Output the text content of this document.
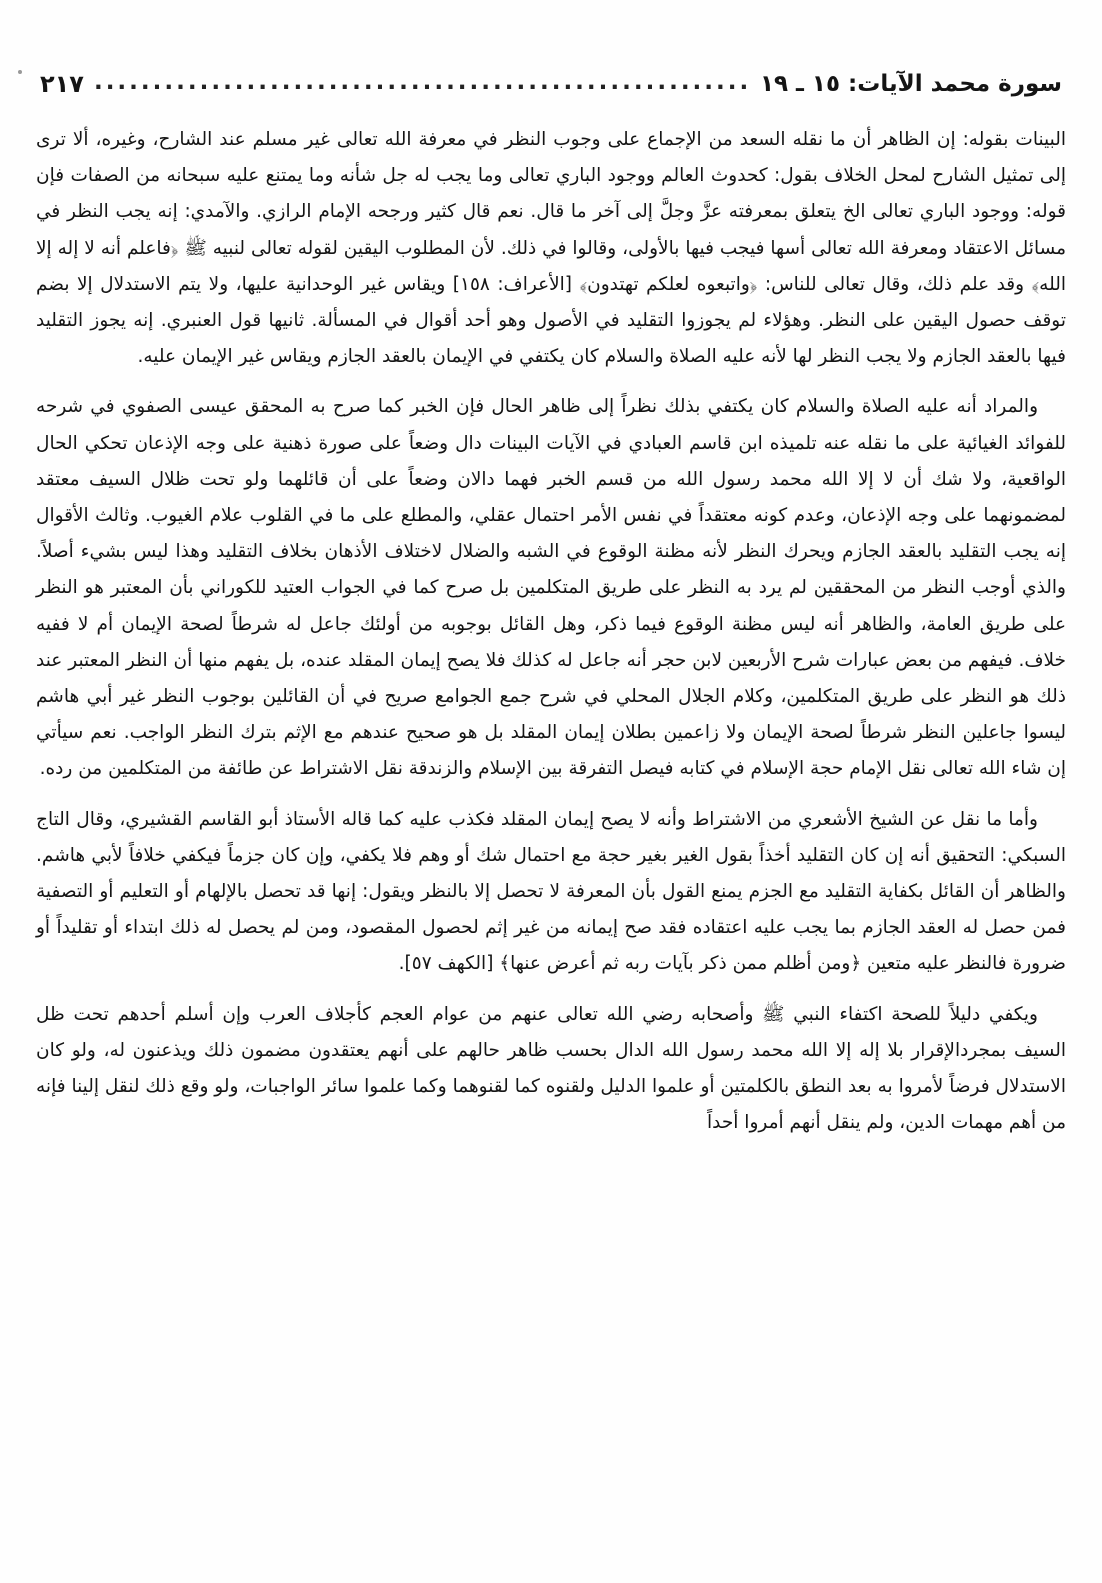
سورة محمد الآيات: ١٥ ـ ١٩
.....
٢١٧

البينات بقوله: إن الظاهر أن ما نقله السعد من الإجماع على وجوب النظر في معرفة الله تعالى غير مسلم عند الشارح، وغيره، ألا ترى إلى تمثيل الشارح لمحل الخلاف بقول: كحدوث العالم ووجود الباري تعالى وما يجب له جل شأنه وما يمتنع عليه سبحانه من الصفات فإن قوله: ووجود الباري تعالى الخ يتعلق بمعرفته عزَّ وجلَّ إلى آخر ما قال. نعم قال كثير ورجحه الإمام الرازي. والآمدي: إنه يجب النظر في مسائل الاعتقاد ومعرفة الله تعالى أسها فيجب فيها بالأولى، وقالوا في ذلك. لأن المطلوب اليقين لقوله تعالى لنبيه ﷺ ﴿فاعلم أنه لا إله إلا الله﴾ وقد علم ذلك، وقال تعالى للناس: ﴿واتبعوه لعلكم تهتدون﴾ [الأعراف: ١٥٨] ويقاس غير الوحدانية عليها، ولا يتم الاستدلال إلا بضم توقف حصول اليقين على النظر. وهؤلاء لم يجوزوا التقليد في الأصول وهو أحد أقوال في المسألة. ثانيها قول العنبري. إنه يجوز التقليد فيها بالعقد الجازم ولا يجب النظر لها لأنه عليه الصلاة والسلام كان يكتفي في الإيمان بالعقد الجازم ويقاس غير الإيمان عليه.

والمراد أنه عليه الصلاة والسلام كان يكتفي بذلك نظراً إلى ظاهر الحال فإن الخبر كما صرح به المحقق عيسى الصفوي في شرحه للفوائد الغيائية على ما نقله عنه تلميذه ابن قاسم العبادي في الآيات البينات دال وضعاً على صورة ذهنية على وجه الإذعان تحكي الحال الواقعية، ولا شك أن لا إلا الله محمد رسول الله من قسم الخبر فهما دالان وضعاً على أن قائلهما ولو تحت ظلال السيف معتقد لمضمونهما على وجه الإذعان، وعدم كونه معتقداً في نفس الأمر احتمال عقلي، والمطلع على ما في القلوب علام الغيوب. وثالث الأقوال إنه يجب التقليد بالعقد الجازم ويحرك النظر لأنه مظنة الوقوع في الشبه والضلال لاختلاف الأذهان بخلاف التقليد وهذا ليس بشيء أصلاً. والذي أوجب النظر من المحققين لم يرد به النظر على طريق المتكلمين بل صرح كما في الجواب العتيد للكوراني بأن المعتبر هو النظر على طريق العامة، والظاهر أنه ليس مظنة الوقوع فيما ذكر، وهل القائل بوجوبه من أولئك جاعل له شرطاً لصحة الإيمان أم لا ففيه خلاف. فيفهم من بعض عبارات شرح الأربعين لابن حجر أنه جاعل له كذلك فلا يصح إيمان المقلد عنده، بل يفهم منها أن النظر المعتبر عند ذلك هو النظر على طريق المتكلمين، وكلام الجلال المحلي في شرح جمع الجوامع صريح في أن القائلين بوجوب النظر غير أبي هاشم ليسوا جاعلين النظر شرطاً لصحة الإيمان ولا زاعمين بطلان إيمان المقلد بل هو صحيح عندهم مع الإثم بترك النظر الواجب. نعم سيأتي إن شاء الله تعالى نقل الإمام حجة الإسلام في كتابه فيصل التفرقة بين الإسلام والزندقة نقل الاشتراط عن طائفة من المتكلمين من رده.

وأما ما نقل عن الشيخ الأشعري من الاشتراط وأنه لا يصح إيمان المقلد فكذب عليه كما قاله الأستاذ أبو القاسم القشيري، وقال التاج السبكي: التحقيق أنه إن كان التقليد أخذاً بقول الغير بغير حجة مع احتمال شك أو وهم فلا يكفي، وإن كان جزماً فيكفي خلافاً لأبي هاشم. والظاهر أن القائل بكفاية التقليد مع الجزم يمنع القول بأن المعرفة لا تحصل إلا بالنظر ويقول: إنها قد تحصل بالإلهام أو التعليم أو التصفية فمن حصل له العقد الجازم بما يجب عليه اعتقاده فقد صح إيمانه من غير إثم لحصول المقصود، ومن لم يحصل له ذلك ابتداء أو تقليداً أو ضرورة فالنظر عليه متعين ﴿ومن أظلم ممن ذكر بآيات ربه ثم أعرض عنها﴾ [الكهف ٥٧].

ويكفي دليلاً للصحة اكتفاء النبي ﷺ وأصحابه رضي الله تعالى عنهم من عوام العجم كأجلاف العرب وإن أسلم أحدهم تحت ظل السيف بمجردالإقرار بلا إله إلا الله محمد رسول الله الدال بحسب ظاهر حالهم على أنهم يعتقدون مضمون ذلك ويذعنون له، ولو كان الاستدلال فرضاً لأمروا به بعد النطق بالكلمتين أو علموا الدليل ولقنوه كما لقنوهما وكما علموا سائر الواجبات، ولو وقع ذلك لنقل إلينا فإنه من أهم مهمات الدين، ولم ينقل أنهم أمروا أحداً
